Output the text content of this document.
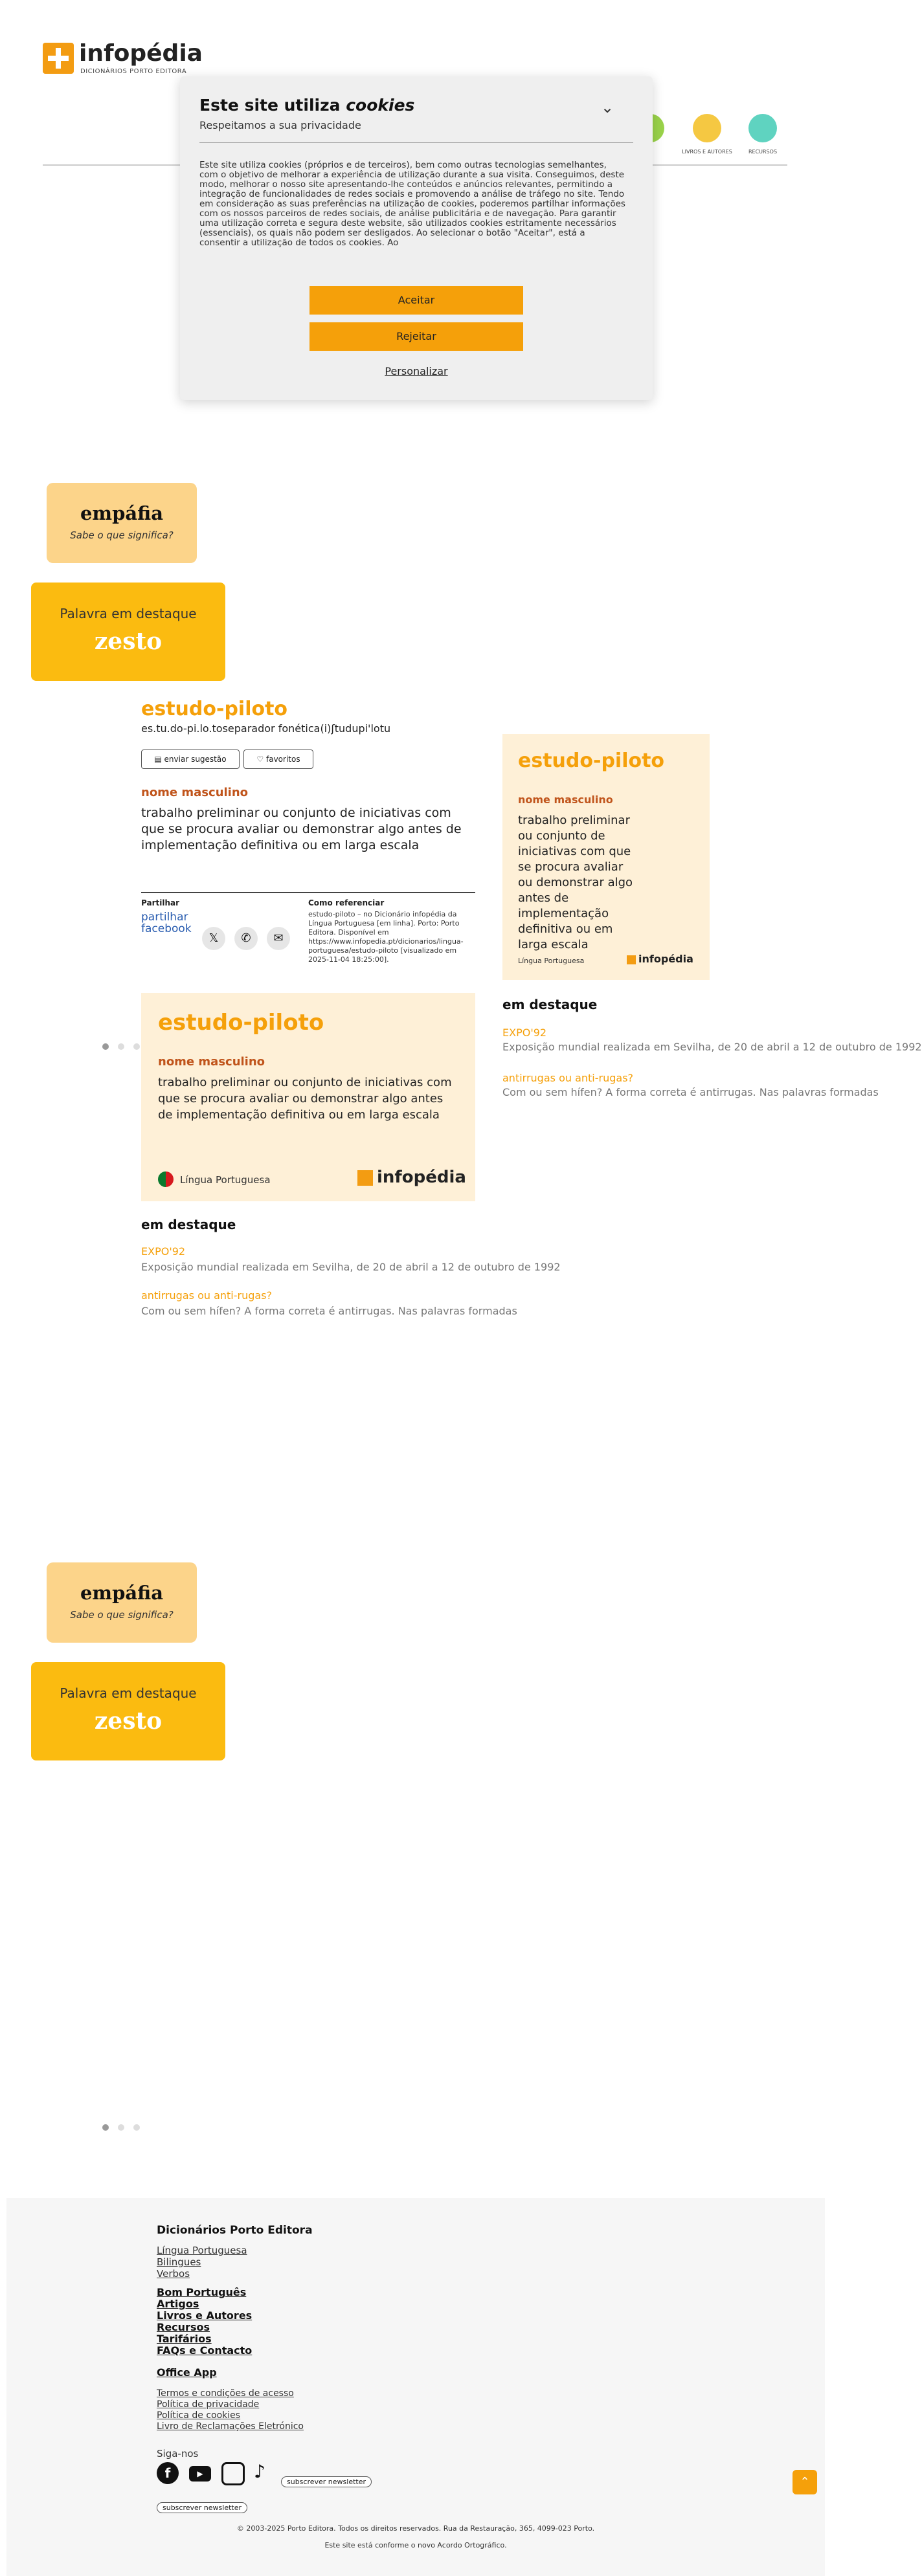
infopédia
DICIONÁRIOS PORTO EDITORA
LIVROS E AUTORES	RECURSOS
Este site utiliza cookies
Respeitamos a sua privacidade
⌄
Este site utiliza cookies (próprios e de terceiros), bem como outras tecnologias semelhantes, com o objetivo de melhorar a experiência de utilização durante a sua visita. Conseguimos, deste modo, melhorar o nosso site apresentando-lhe conteúdos e anúncios relevantes, permitindo a integração de funcionalidades de redes sociais e promovendo a análise de tráfego no site. Tendo em consideração as suas preferências na utilização de cookies, poderemos partilhar informações com os nossos parceiros de redes sociais, de análise publicitária e de navegação. Para garantir uma utilização correta e segura deste website, são utilizados cookies estritamente necessários (essenciais), os quais não podem ser desligados. Ao selecionar o botão "Aceitar", está a consentir a utilização de todos os cookies. Ao
Aceitar
Rejeitar
Personalizar
empáfia
Sabe o que significa?
Palavra em destaque
zesto
estudo-piloto
es.tu.do-pi.lo.toseparador fonética(i)ʃtudupi'lotu
▤ enviar sugestão	♡ favoritos
nome masculino
trabalho preliminar ou conjunto de iniciativas com que se procura avaliar ou demonstrar algo antes de implementação definitiva ou em larga escala
Partilhar
partilhar facebook
𝕏	✆	✉
Como referenciar
estudo-piloto – no Dicionário infopédia da Língua Portuguesa [em linha]. Porto: Porto Editora. Disponível em https://www.infopedia.pt/dicionarios/lingua-portuguesa/estudo-piloto [visualizado em 2025-11-04 18:25:00].
estudo-piloto
nome masculino
trabalho preliminar ou conjunto de iniciativas com que se procura avaliar ou demonstrar algo antes de implementação definitiva ou em larga escala
Língua Portuguesa	infopédia
em destaque
EXPO'92
Exposição mundial realizada em Sevilha, de 20 de abril a 12 de outubro de 1992
antirrugas ou anti-rugas?
Com ou sem hífen? A forma correta é antirrugas. Nas palavras formadas
estudo-piloto
nome masculino
trabalho preliminar ou conjunto de iniciativas com que se procura avaliar ou demonstrar algo antes de implementação definitiva ou em larga escala
Língua Portuguesa	infopédia
em destaque
EXPO'92
Exposição mundial realizada em Sevilha, de 20 de abril a 12 de outubro de 1992
antirrugas ou anti-rugas?
Com ou sem hífen? A forma correta é antirrugas. Nas palavras formadas
empáfia
Sabe o que significa?
Palavra em destaque
zesto
Dicionários Porto Editora
Língua Portuguesa
Bilingues
Verbos
Bom Português
Artigos
Livros e Autores
Recursos
Tarifários
FAQs e Contacto
Office App
Termos e condições de acesso
Política de privacidade
Política de cookies
Livro de Reclamações Eletrónico
Siga-nos
f	▶	♪	subscrever newsletter
subscrever newsletter
© 2003-2025 Porto Editora. Todos os direitos reservados. Rua da Restauração, 365, 4099-023 Porto.
Este site está conforme o novo Acordo Ortográfico.
⌃
